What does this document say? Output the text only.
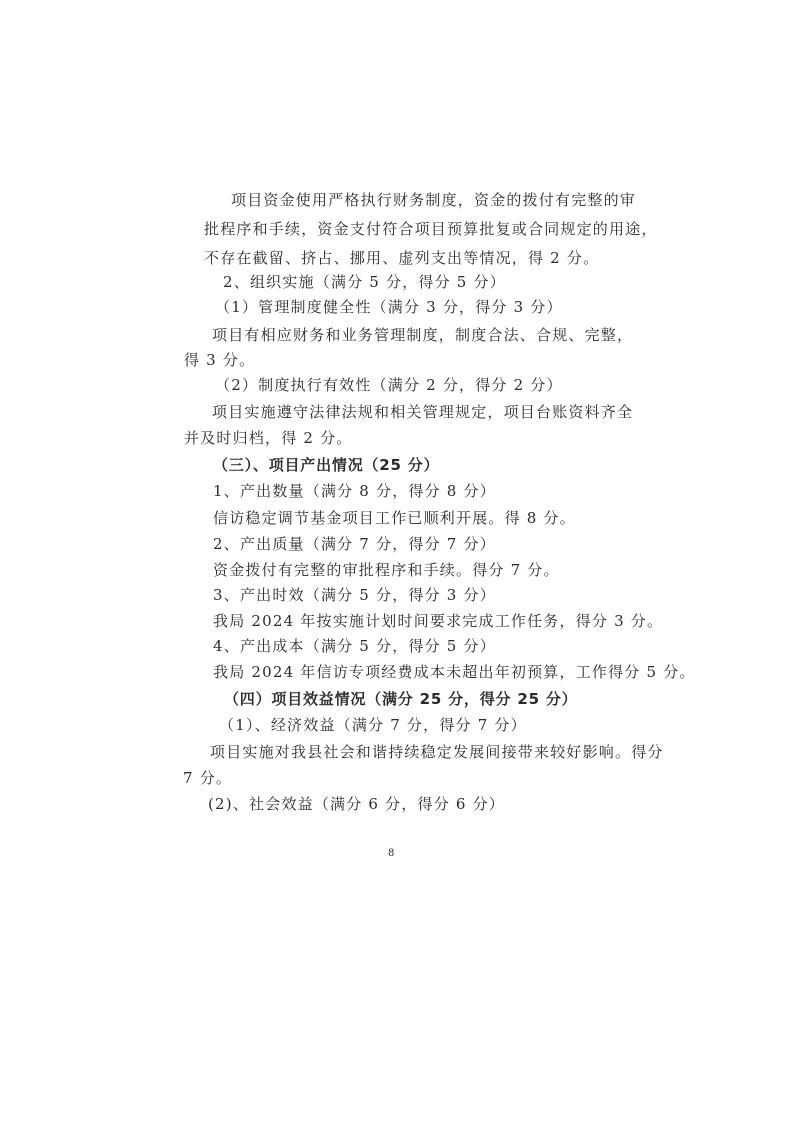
项目资金使用严格执行财务制度，资金的拨付有完整的审
批程序和手续，资金支付符合项目预算批复或合同规定的用途，
不存在截留、挤占、挪用、虚列支出等情况，得 2 分。
2、组织实施（满分 5 分，得分 5 分）
（1）管理制度健全性（满分 3 分，得分 3 分）
项目有相应财务和业务管理制度，制度合法、合规、完整，
得 3 分。
（2）制度执行有效性（满分 2 分，得分 2 分）
项目实施遵守法律法规和相关管理规定，项目台账资料齐全
并及时归档，得 2 分。
（三）、项目产出情况（25 分）
1、产出数量（满分 8 分，得分 8 分）
信访稳定调节基金项目工作已顺利开展。得 8 分。
2、产出质量（满分 7 分，得分 7 分）
资金拨付有完整的审批程序和手续。得分 7 分。
3、产出时效（满分 5 分，得分 3 分）
我局 2024 年按实施计划时间要求完成工作任务，得分 3 分。
4、产出成本（满分 5 分，得分 5 分）
我局 2024 年信访专项经费成本未超出年初预算，工作得分 5 分。
（四）项目效益情况（满分 25 分，得分 25 分）
（1）、经济效益（满分 7 分，得分 7 分）
项目实施对我县社会和谐持续稳定发展间接带来较好影响。得分
7 分。
(2)、社会效益（满分 6 分，得分 6 分）
8
